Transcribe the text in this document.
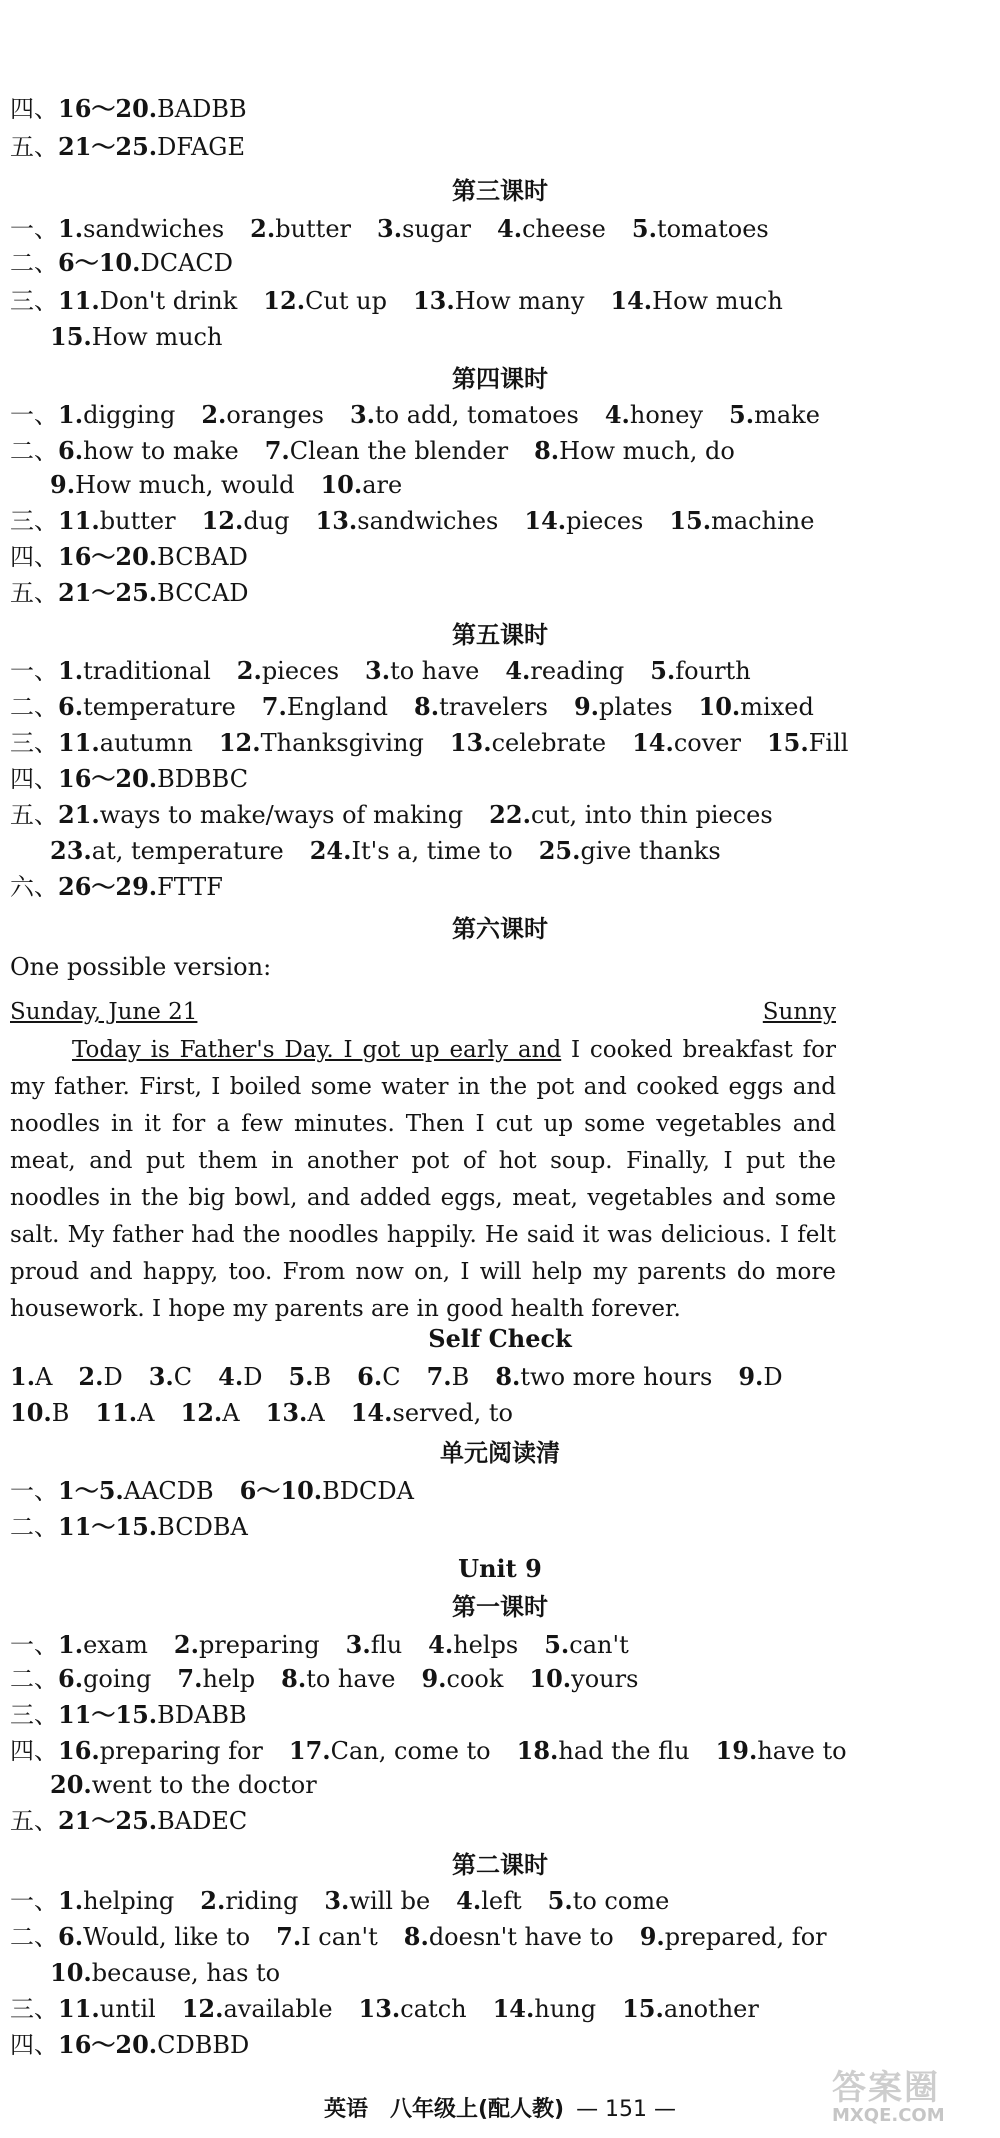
四、16～20.BADBB
五、21～25.DFAGE
第三课时
一、1.sandwiches 2.butter 3.sugar 4.cheese 5.tomatoes
二、6～10.DCACD
三、11.Don't drink 12.Cut up 13.How many 14.How much
15.How much
第四课时
一、1.digging 2.oranges 3.to add, tomatoes 4.honey 5.make
二、6.how to make 7.Clean the blender 8.How much, do
9.How much, would 10.are
三、11.butter 12.dug 13.sandwiches 14.pieces 15.machine
四、16～20.BCBAD
五、21～25.BCCAD
第五课时
一、1.traditional 2.pieces 3.to have 4.reading 5.fourth
二、6.temperature 7.England 8.travelers 9.plates 10.mixed
三、11.autumn 12.Thanksgiving 13.celebrate 14.cover 15.Fill
四、16～20.BDBBC
五、21.ways to make/ways of making 22.cut, into thin pieces
23.at, temperature 24.It's a, time to 25.give thanks
六、26～29.FTTF
第六课时
One possible version:
Self Check
1.A 2.D 3.C 4.D 5.B 6.C 7.B 8.two more hours 9.D
10.B 11.A 12.A 13.A 14.served, to
单元阅读清
一、1～5.AACDB 6～10.BDCDA
二、11～15.BCDBA
Unit 9
第一课时
一、1.exam 2.preparing 3.flu 4.helps 5.can't
二、6.going 7.help 8.to have 9.cook 10.yours
三、11～15.BDABB
四、16.preparing for 17.Can, come to 18.had the flu 19.have to
20.went to the doctor
五、21～25.BADEC
第二课时
一、1.helping 2.riding 3.will be 4.left 5.to come
二、6.Would, like to 7.I can't 8.doesn't have to 9.prepared, for
10.because, has to
三、11.until 12.available 13.catch 14.hung 15.another
四、16～20.CDBBD
Sunday, June 21	Sunny

Today is Father's Day. I got up early and I cooked breakfast for my father. First, I boiled some water in the pot and cooked eggs and noodles in it for a few minutes. Then I cut up some vegetables and meat, and put them in another pot of hot soup. Finally, I put the noodles in the big bowl, and added eggs, meat, vegetables and some salt. My father had the noodles happily. He said it was delicious. I felt proud and happy, too. From now on, I will help my parents do more housework. I hope my parents are in good health forever.

英语　八年级上(配人教) — 151 —
答案圈
MXQE.COM
